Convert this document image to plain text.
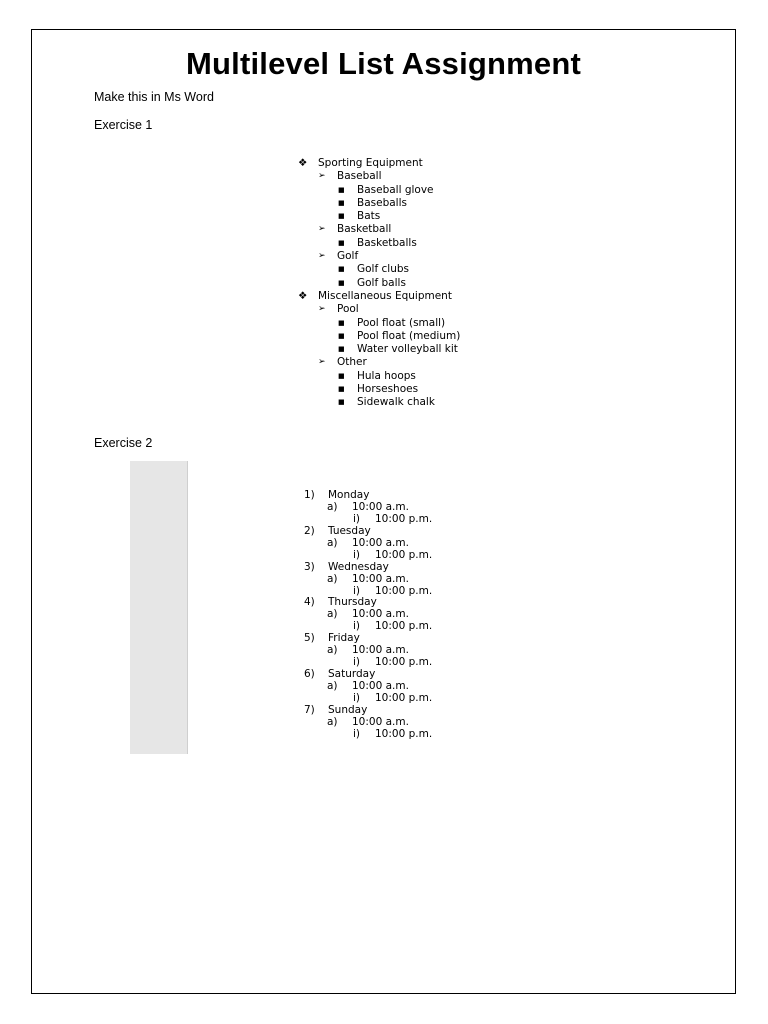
Multilevel List Assignment
Make this in Ms Word
Exercise 1
❖ Sporting Equipment
➢ Baseball
■ Baseball glove
■ Baseballs
■ Bats
➢ Basketball
■ Basketballs
➢ Golf
■ Golf clubs
■ Golf balls
❖ Miscellaneous Equipment
➢ Pool
■ Pool float (small)
■ Pool float (medium)
■ Water volleyball kit
➢ Other
■ Hula hoops
■ Horseshoes
■ Sidewalk chalk
Exercise 2
1) Monday
a) 10:00 a.m.
i) 10:00 p.m.
2) Tuesday
a) 10:00 a.m.
i) 10:00 p.m.
3) Wednesday
a) 10:00 a.m.
i) 10:00 p.m.
4) Thursday
a) 10:00 a.m.
i) 10:00 p.m.
5) Friday
a) 10:00 a.m.
i) 10:00 p.m.
6) Saturday
a) 10:00 a.m.
i) 10:00 p.m.
7) Sunday
a) 10:00 a.m.
i) 10:00 p.m.
